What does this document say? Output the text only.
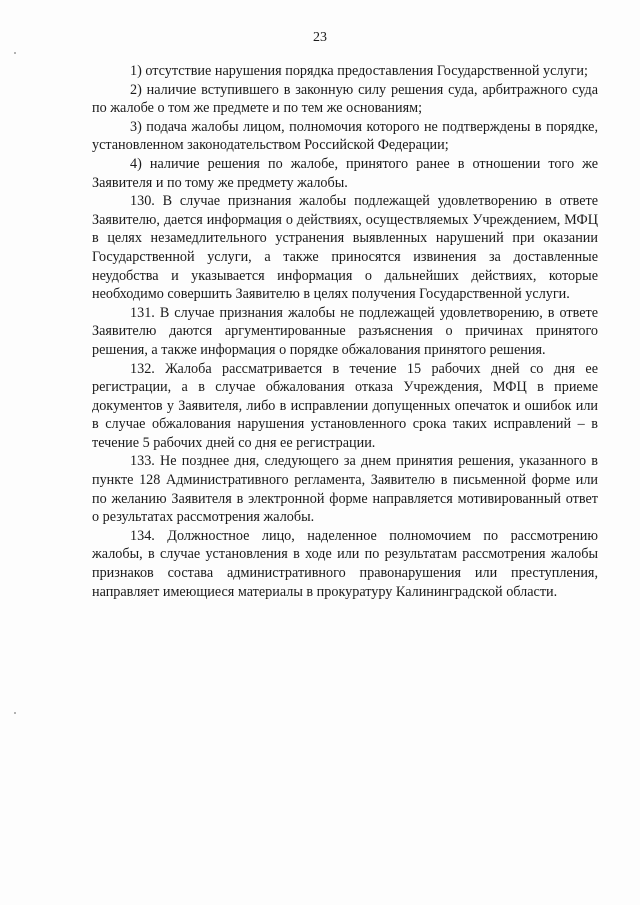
23

1) отсутствие нарушения порядка предоставления Государственной услуги;

2) наличие вступившего в законную силу решения суда, арбитражного суда по жалобе о том же предмете и по тем же основаниям;

3) подача жалобы лицом, полномочия которого не подтверждены в порядке, установленном законодательством Российской Федерации;

4) наличие решения по жалобе, принятого ранее в отношении того же Заявителя и по тому же предмету жалобы.

130. В случае признания жалобы подлежащей удовлетворению в ответе Заявителю, дается информация о действиях, осуществляемых Учреждением, МФЦ в целях незамедлительного устранения выявленных нарушений при оказании Государственной услуги, а также приносятся извинения за доставленные неудобства и указывается информация о дальнейших действиях, которые необходимо совершить Заявителю в целях получения Государственной услуги.

131. В случае признания жалобы не подлежащей удовлетворению, в ответе Заявителю даются аргументированные разъяснения о причинах принятого решения, а также информация о порядке обжалования принятого решения.

132. Жалоба рассматривается в течение 15 рабочих дней со дня ее регистрации, а в случае обжалования отказа Учреждения, МФЦ в приеме документов у Заявителя, либо в исправлении допущенных опечаток и ошибок или в случае обжалования нарушения установленного срока таких исправлений – в течение 5 рабочих дней со дня ее регистрации.

133. Не позднее дня, следующего за днем принятия решения, указанного в пункте 128 Административного регламента, Заявителю в письменной форме или по желанию Заявителя в электронной форме направляется мотивированный ответ о результатах рассмотрения жалобы.

134. Должностное лицо, наделенное полномочием по рассмотрению жалобы, в случае установления в ходе или по результатам рассмотрения жалобы признаков состава административного правонарушения или преступления, направляет имеющиеся материалы в прокуратуру Калининградской области.
